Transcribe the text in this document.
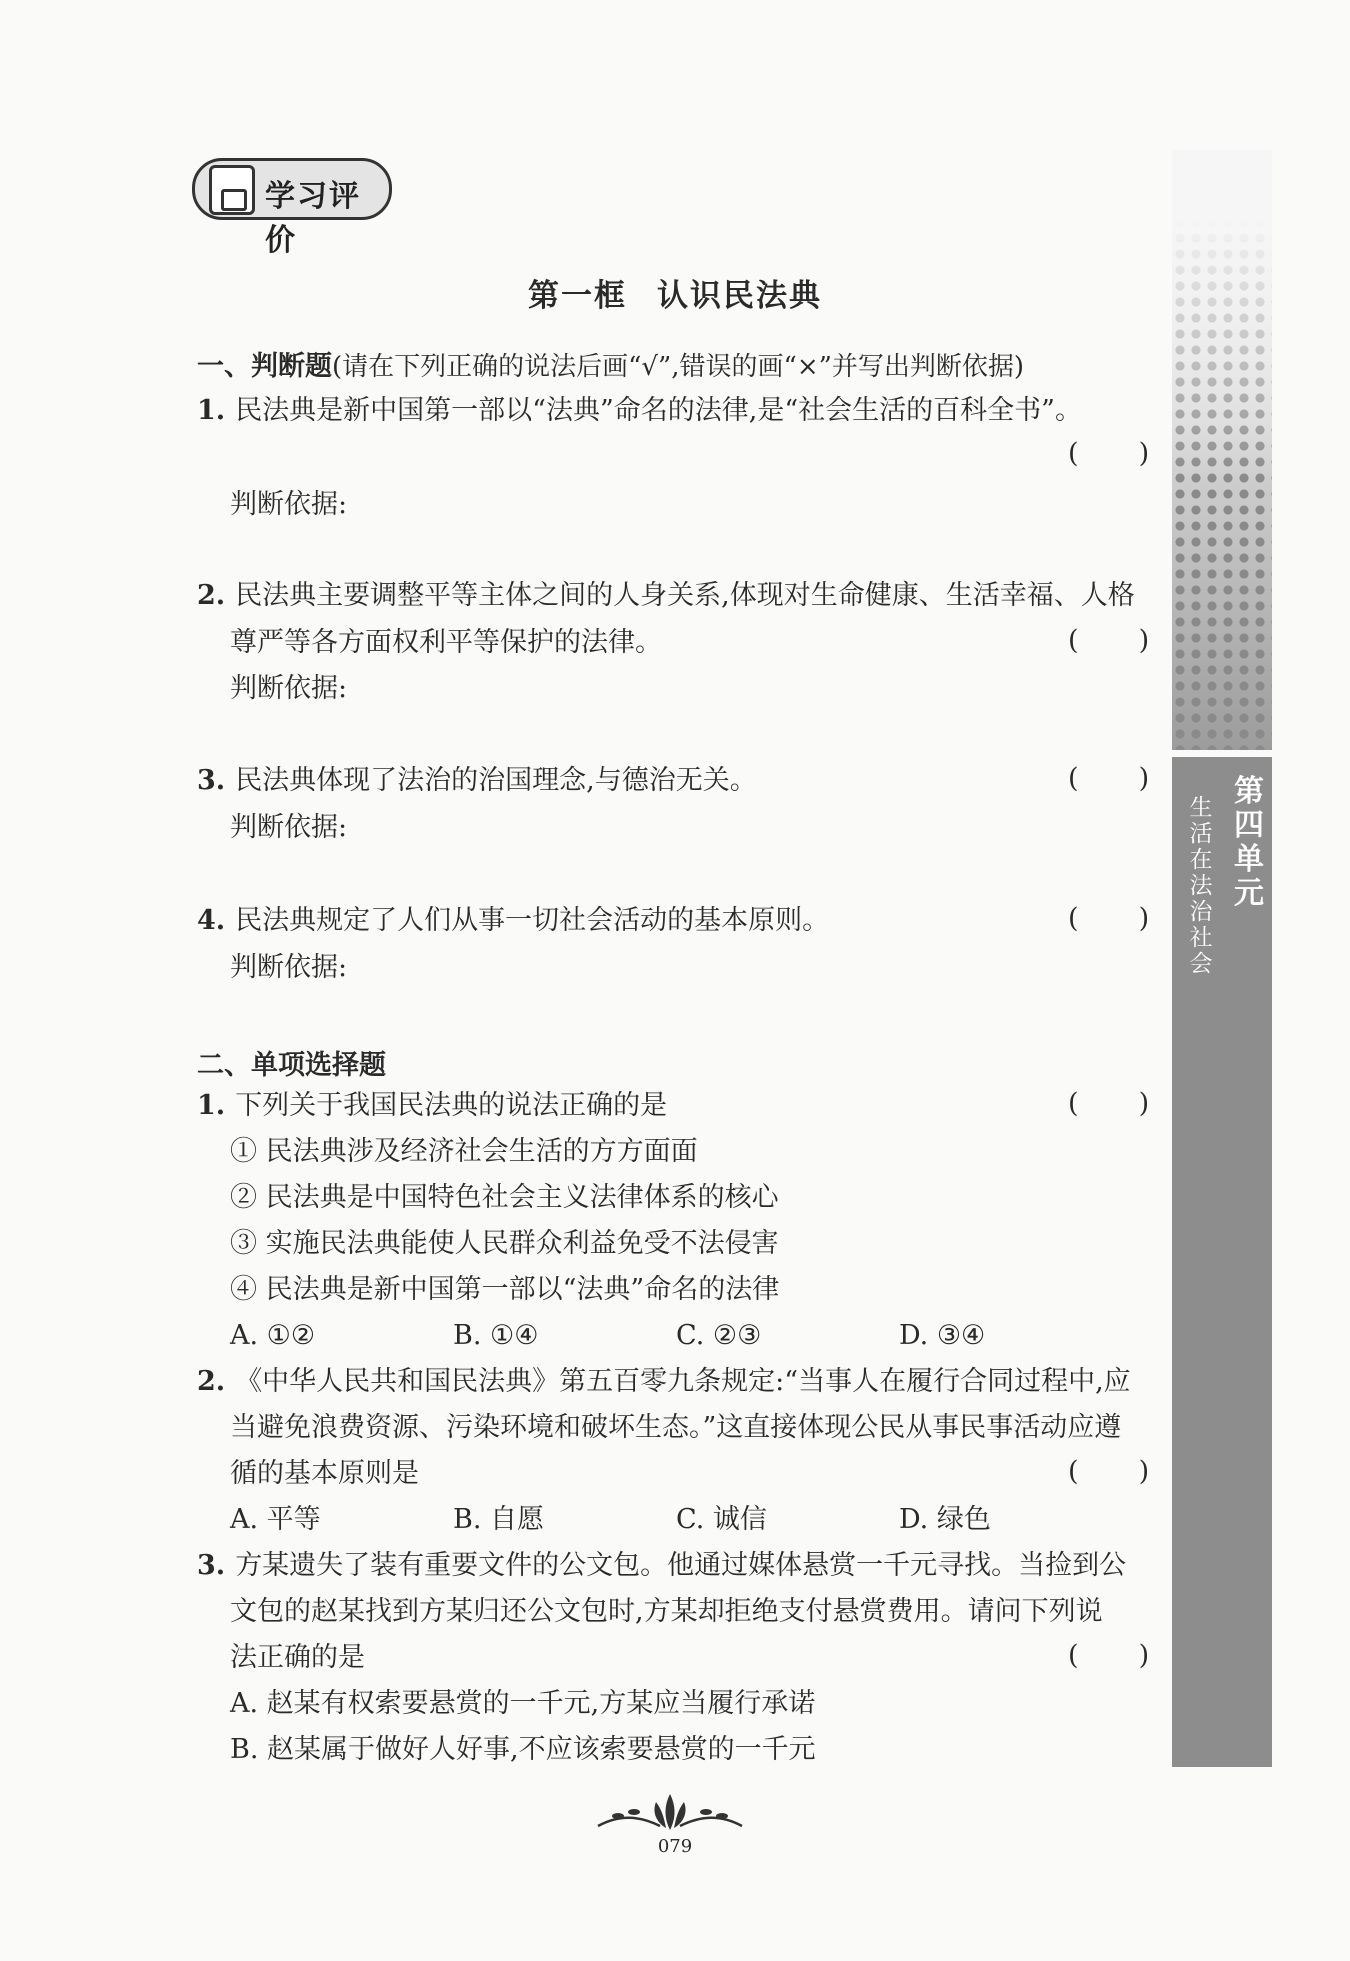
学习评价
第一框 认识民法典
一、判断题(请在下列正确的说法后画“√”,错误的画“×”并写出判断依据)
1. 民法典是新中国第一部以“法典”命名的法律,是“社会生活的百科全书”。
(       )
判断依据:
2. 民法典主要调整平等主体之间的人身关系,体现对生命健康、生活幸福、人格
尊严等各方面权利平等保护的法律。	(       )
判断依据:
3. 民法典体现了法治的治国理念,与德治无关。	(       )
判断依据:
4. 民法典规定了人们从事一切社会活动的基本原则。	(       )
判断依据:
二、单项选择题
1. 下列关于我国民法典的说法正确的是	(       )
① 民法典涉及经济社会生活的方方面面
② 民法典是中国特色社会主义法律体系的核心
③ 实施民法典能使人民群众利益免受不法侵害
④ 民法典是新中国第一部以“法典”命名的法律
A. ①②	B. ①④	C. ②③	D. ③④
2. 《中华人民共和国民法典》第五百零九条规定:“当事人在履行合同过程中,应
当避免浪费资源、污染环境和破坏生态。”这直接体现公民从事民事活动应遵
循的基本原则是	(       )
A. 平等	B. 自愿	C. 诚信	D. 绿色
3. 方某遗失了装有重要文件的公文包。他通过媒体悬赏一千元寻找。当捡到公
文包的赵某找到方某归还公文包时,方某却拒绝支付悬赏费用。请问下列说
法正确的是	(       )
A. 赵某有权索要悬赏的一千元,方某应当履行承诺
B. 赵某属于做好人好事,不应该索要悬赏的一千元
第四单元
生活在法治社会
079
